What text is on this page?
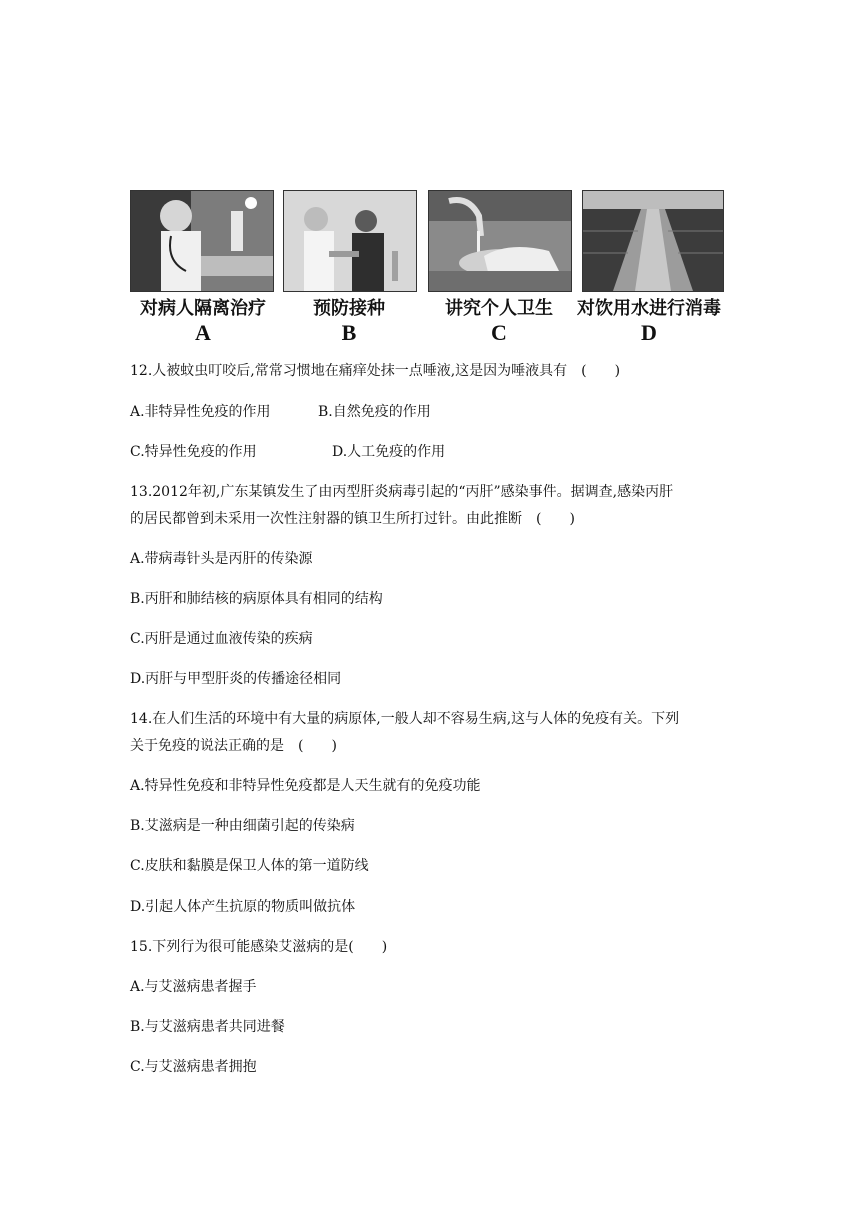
对病人隔离治疗	预防接种	讲究个人卫生	对饮用水进行消毒
A	B	C	D
12.人被蚊虫叮咬后,常常习惯地在痛痒处抹一点唾液,这是因为唾液具有　(　　)
A.非特异性免疫的作用	B.自然免疫的作用
C.特异性免疫的作用	D.人工免疫的作用
13.2012年初,广东某镇发生了由丙型肝炎病毒引起的“丙肝”感染事件。据调查,感染丙肝
的居民都曾到未采用一次性注射器的镇卫生所打过针。由此推断　(　　)
A.带病毒针头是丙肝的传染源
B.丙肝和肺结核的病原体具有相同的结构
C.丙肝是通过血液传染的疾病
D.丙肝与甲型肝炎的传播途径相同
14.在人们生活的环境中有大量的病原体,一般人却不容易生病,这与人体的免疫有关。下列
关于免疫的说法正确的是　(　　)
A.特异性免疫和非特异性免疫都是人天生就有的免疫功能
B.艾滋病是一种由细菌引起的传染病
C.皮肤和黏膜是保卫人体的第一道防线
D.引起人体产生抗原的物质叫做抗体
15.下列行为很可能感染艾滋病的是(　　)
A.与艾滋病患者握手
B.与艾滋病患者共同进餐
C.与艾滋病患者拥抱
